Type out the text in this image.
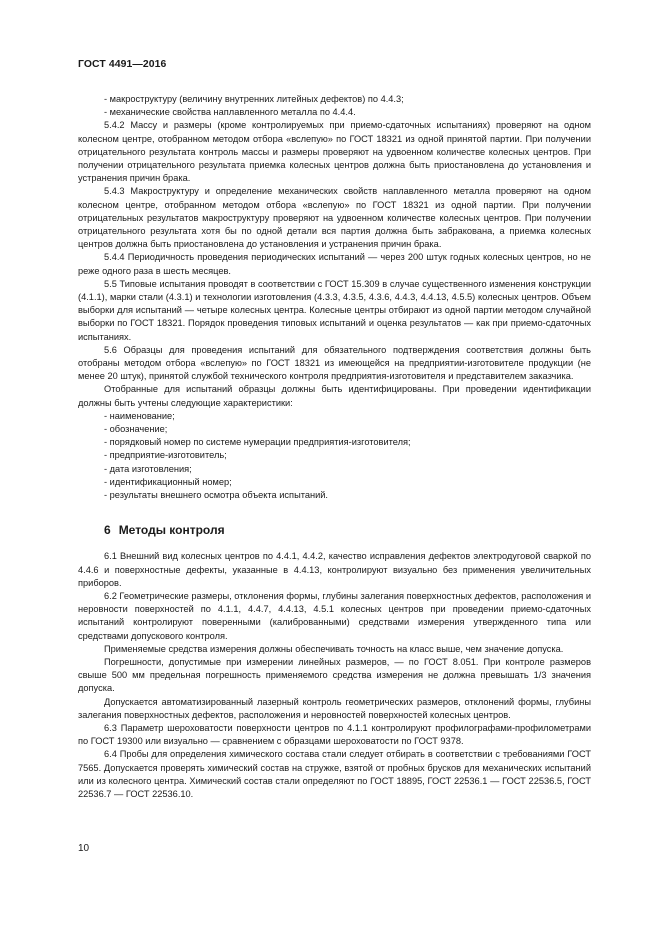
ГОСТ 4491—2016

- макроструктуру (величину внутренних литейных дефектов) по 4.4.3;

- механические свойства наплавленного металла по 4.4.4.

5.4.2 Массу и размеры (кроме контролируемых при приемо-сдаточных испытаниях) проверяют на одном колесном центре, отобранном методом отбора «вслепую» по ГОСТ 18321 из одной принятой партии. При получении отрицательного результата контроль массы и размеры проверяют на удвоенном количестве колесных центров. При получении отрицательного результата приемка колесных центров должна быть приостановлена до установления и устранения причин брака.

5.4.3 Макроструктуру и определение механических свойств наплавленного металла проверяют на одном колесном центре, отобранном методом отбора «вслепую» по ГОСТ 18321 из одной партии. При получении отрицательных результатов макроструктуру проверяют на удвоенном количестве колесных центров. При получении отрицательного результата хотя бы по одной детали вся партия должна быть забракована, а приемка колесных центров должна быть приостановлена до установления и устранения причин брака.

5.4.4 Периодичность проведения периодических испытаний — через 200 штук годных колесных центров, но не реже одного раза в шесть месяцев.

5.5 Типовые испытания проводят в соответствии с ГОСТ 15.309 в случае существенного изменения конструкции (4.1.1), марки стали (4.3.1) и технологии изготовления (4.3.3, 4.3.5, 4.3.6, 4.4.3, 4.4.13, 4.5.5) колесных центров. Объем выборки для испытаний — четыре колесных центра. Колесные центры отбирают из одной партии методом случайной выборки по ГОСТ 18321. Порядок проведения типовых испытаний и оценка результатов — как при приемо-сдаточных испытаниях.

5.6 Образцы для проведения испытаний для обязательного подтверждения соответствия должны быть отобраны методом отбора «вслепую» по ГОСТ 18321 из имеющейся на предприятии-изготовителе продукции (не менее 20 штук), принятой службой технического контроля предприятия-изготовителя и представителем заказчика.

Отобранные для испытаний образцы должны быть идентифицированы. При проведении идентификации должны быть учтены следующие характеристики:

- наименование;

- обозначение;

- порядковый номер по системе нумерации предприятия-изготовителя;

- предприятие-изготовитель;

- дата изготовления;

- идентификационный номер;

- результаты внешнего осмотра объекта испытаний.

6 Методы контроля

6.1 Внешний вид колесных центров по 4.4.1, 4.4.2, качество исправления дефектов электродуговой сваркой по 4.4.6 и поверхностные дефекты, указанные в 4.4.13, контролируют визуально без применения увеличительных приборов.

6.2 Геометрические размеры, отклонения формы, глубины залегания поверхностных дефектов, расположения и неровности поверхностей по 4.1.1, 4.4.7, 4.4.13, 4.5.1 колесных центров при проведении приемо-сдаточных испытаний контролируют поверенными (калиброванными) средствами измерения утвержденного типа или средствами допускового контроля.

Применяемые средства измерения должны обеспечивать точность на класс выше, чем значение допуска.

Погрешности, допустимые при измерении линейных размеров, — по ГОСТ 8.051. При контроле размеров свыше 500 мм предельная погрешность применяемого средства измерения не должна превышать 1/3 значения допуска.

Допускается автоматизированный лазерный контроль геометрических размеров, отклонений формы, глубины залегания поверхностных дефектов, расположения и неровностей поверхностей колесных центров.

6.3 Параметр шероховатости поверхности центров по 4.1.1 контролируют профилографами-профилометрами по ГОСТ 19300 или визуально — сравнением с образцами шероховатости по ГОСТ 9378.

6.4 Пробы для определения химического состава стали следует отбирать в соответствии с требованиями ГОСТ 7565. Допускается проверять химический состав на стружке, взятой от пробных брусков для механических испытаний или из колесного центра. Химический состав стали определяют по ГОСТ 18895, ГОСТ 22536.1 — ГОСТ 22536.5, ГОСТ 22536.7 — ГОСТ 22536.10.

10
